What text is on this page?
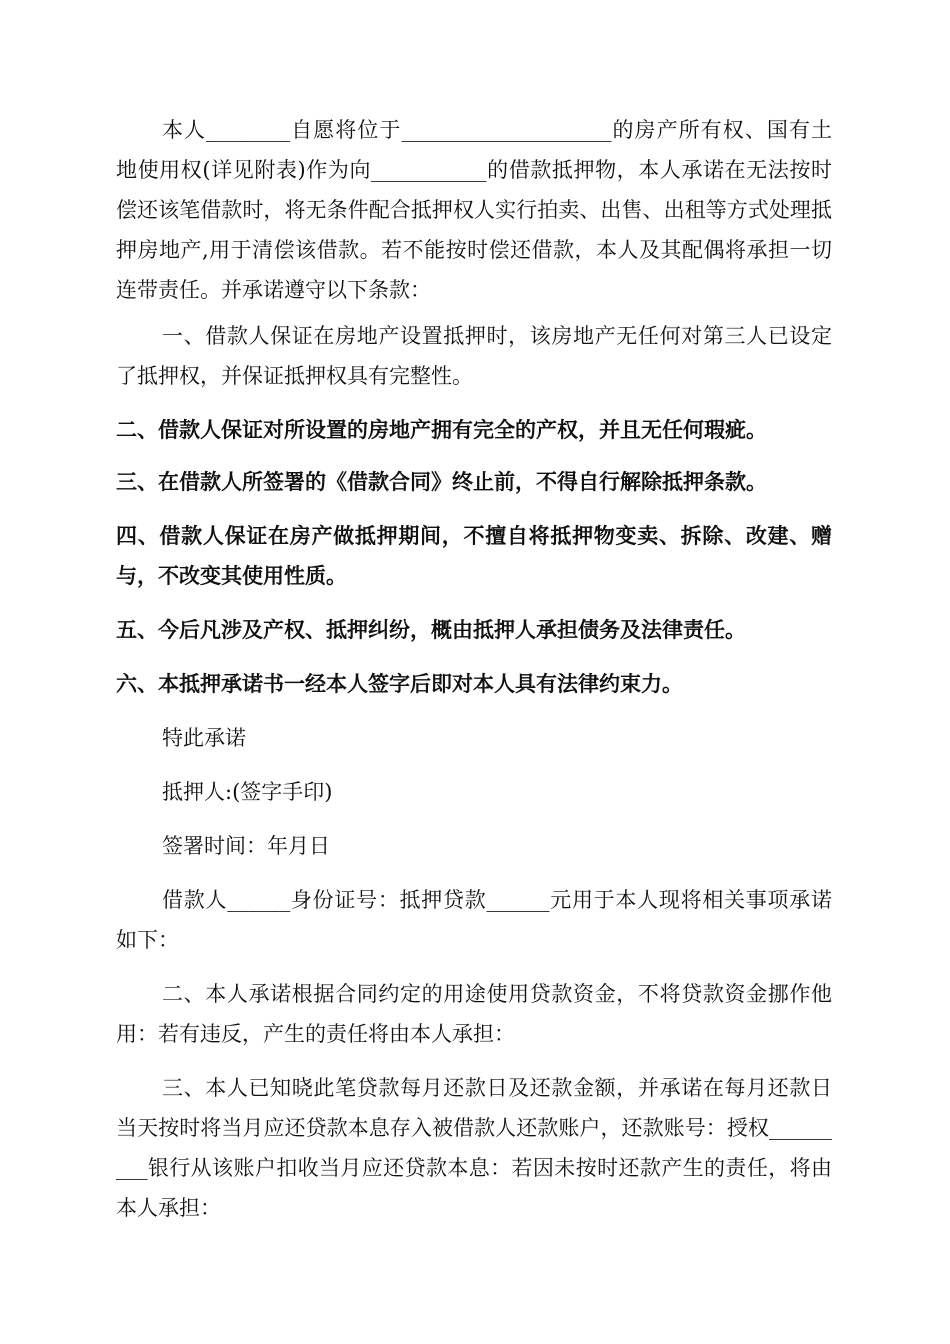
本人________自愿将位于____________________的房产所有权、国有土地使用权(详见附表)作为向___________的借款抵押物，本人承诺在无法按时偿还该笔借款时，将无条件配合抵押权人实行拍卖、出售、出租等方式处理抵押房地产,用于清偿该借款。若不能按时偿还借款，本人及其配偶将承担一切连带责任。并承诺遵守以下条款：

一、借款人保证在房地产设置抵押时，该房地产无任何对第三人已设定了抵押权，并保证抵押权具有完整性。

二、借款人保证对所设置的房地产拥有完全的产权，并且无任何瑕疵。

三、在借款人所签署的《借款合同》终止前，不得自行解除抵押条款。

四、借款人保证在房产做抵押期间，不擅自将抵押物变卖、拆除、改建、赠与，不改变其使用性质。

五、今后凡涉及产权、抵押纠纷，概由抵押人承担债务及法律责任。

六、本抵押承诺书一经本人签字后即对本人具有法律约束力。

特此承诺

抵押人:(签字手印)

签署时间：年月日

借款人______身份证号：抵押贷款______元用于本人现将相关事项承诺如下：

二、本人承诺根据合同约定的用途使用贷款资金，不将贷款资金挪作他用：若有违反，产生的责任将由本人承担：

三、本人已知晓此笔贷款每月还款日及还款金额，并承诺在每月还款日当天按时将当月应还贷款本息存入被借款人还款账户，还款账号：授权_________银行从该账户扣收当月应还贷款本息：若因未按时还款产生的责任，将由本人承担：
